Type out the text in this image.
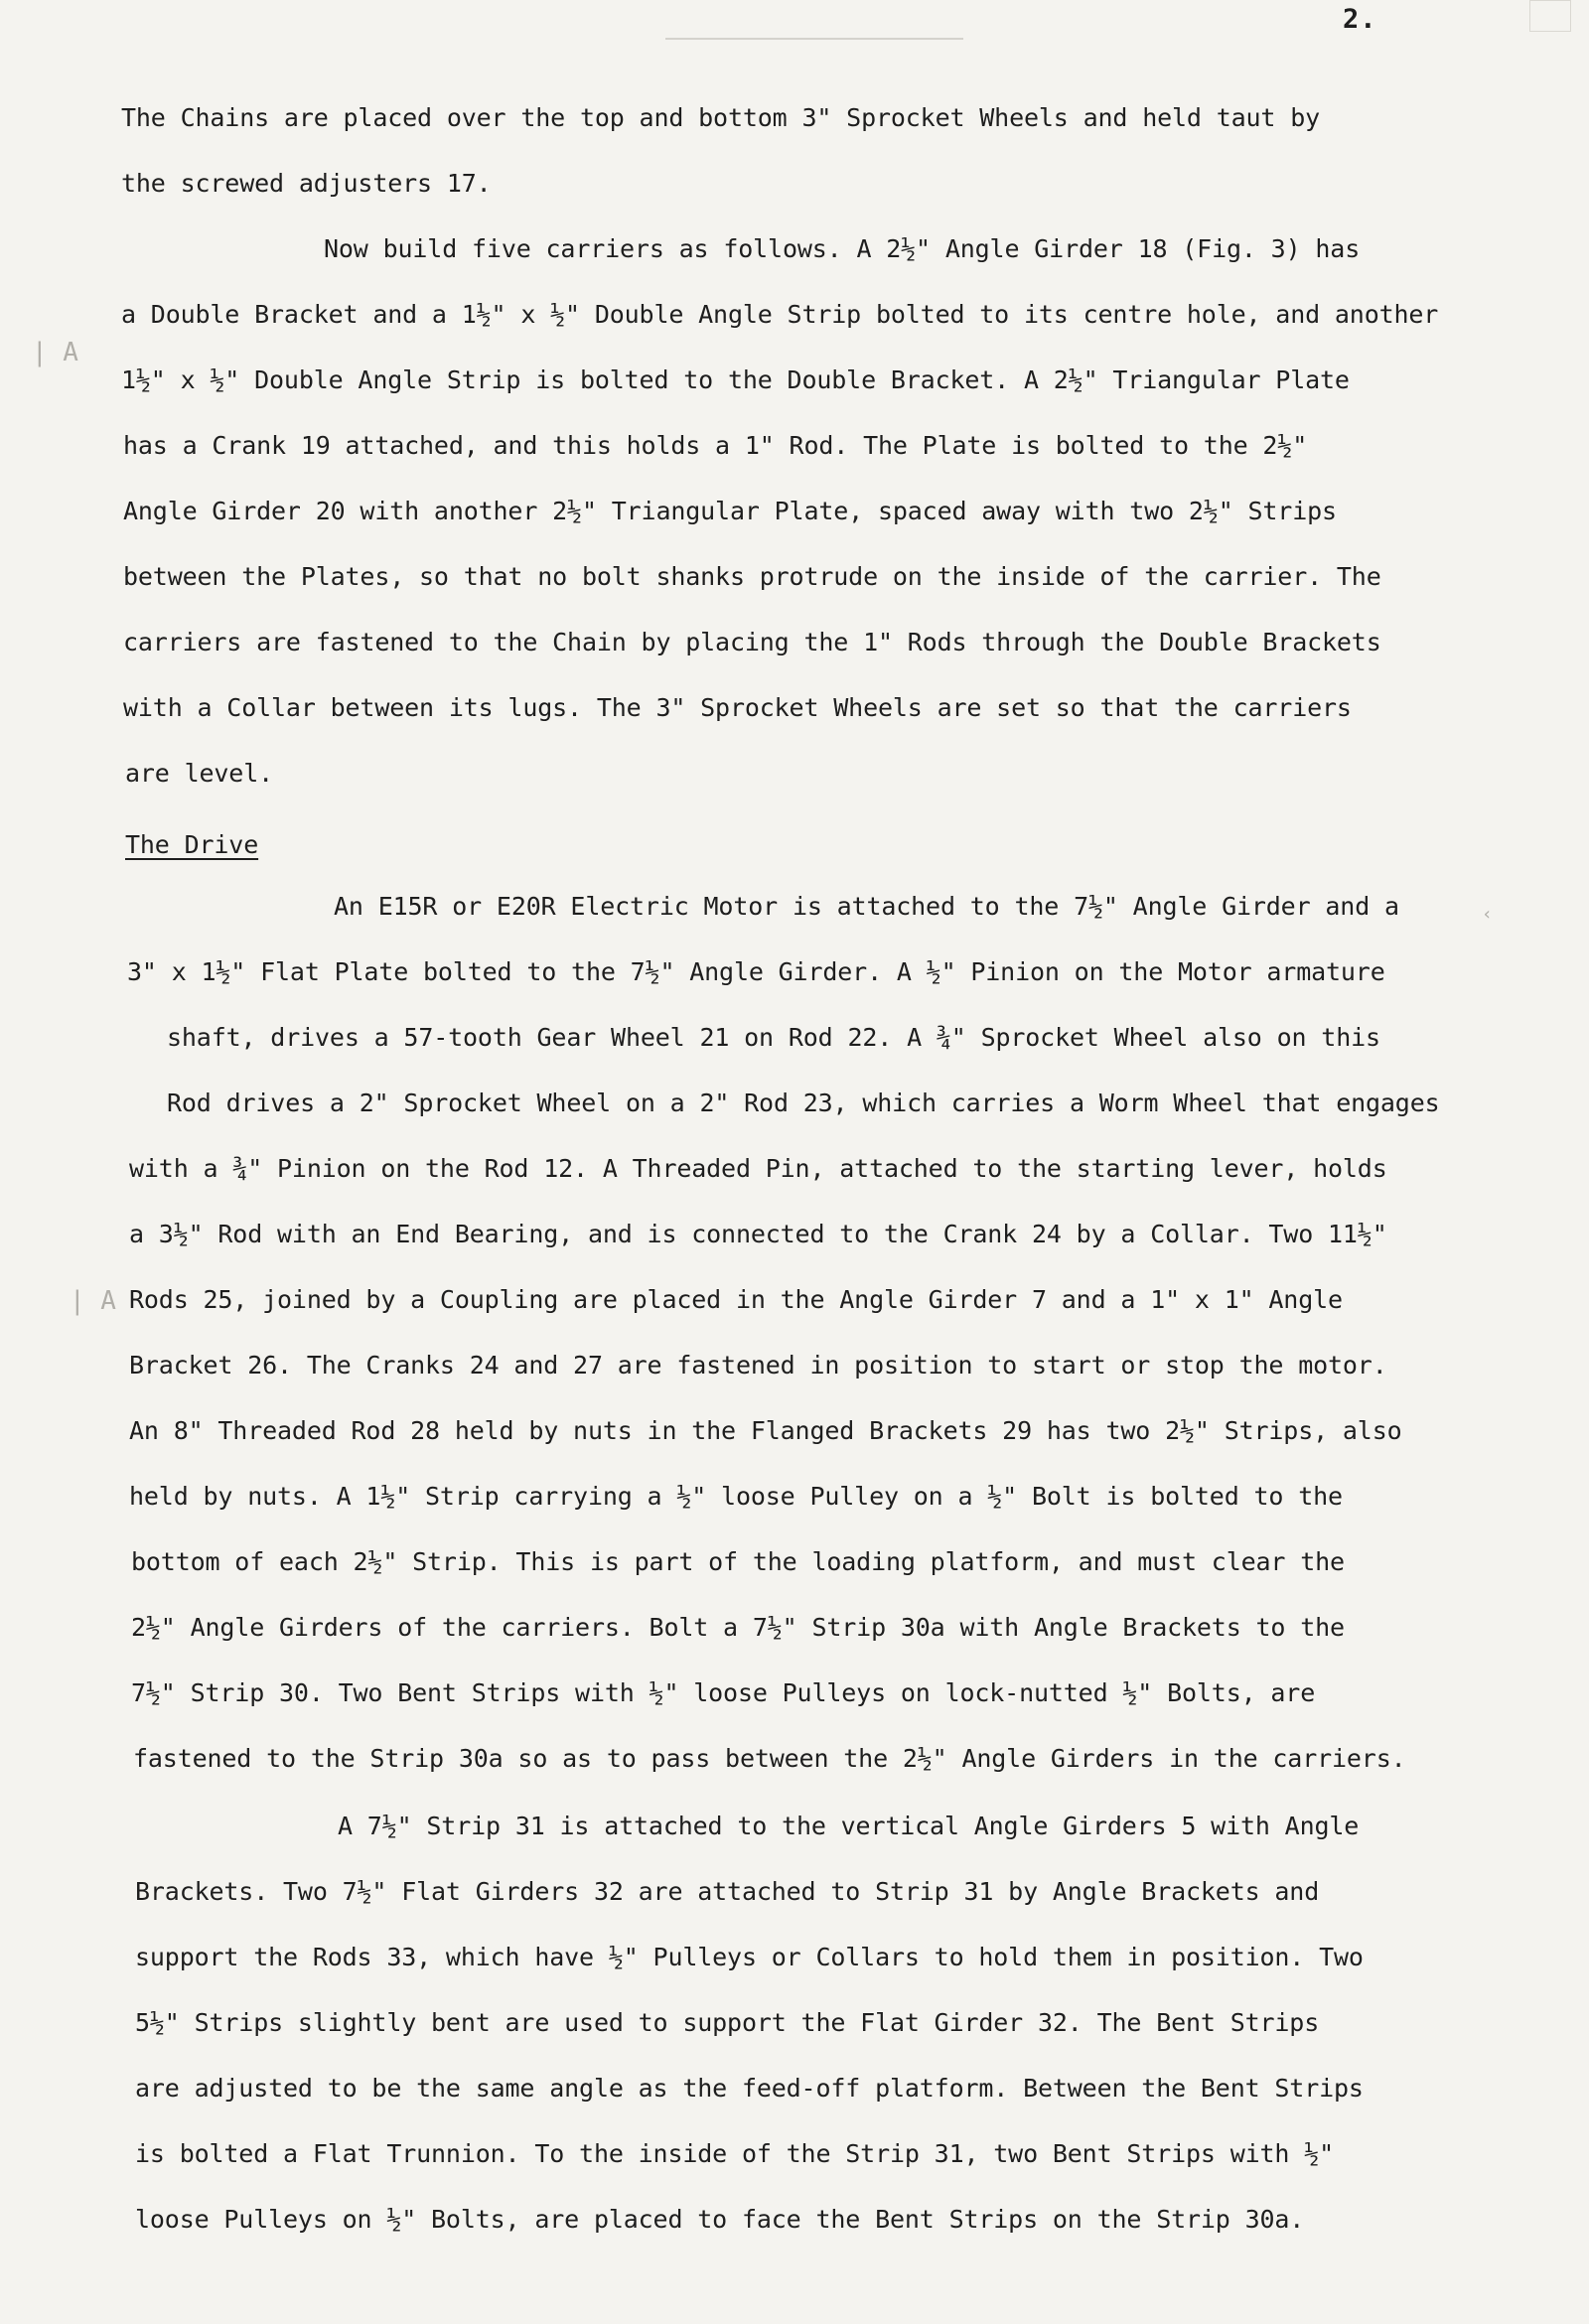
2.
| A
| A
‹
The Chains are placed over the top and bottom 3" Sprocket Wheels and held taut by
the screwed adjusters 17.
Now build five carriers as follows. A 2½" Angle Girder 18 (Fig. 3) has
a Double Bracket and a 1½" x ½" Double Angle Strip bolted to its centre hole, and another
1½" x ½" Double Angle Strip is bolted to the Double Bracket. A 2½" Triangular Plate
has a Crank 19 attached, and this holds a 1" Rod. The Plate is bolted to the 2½"
Angle Girder 20 with another 2½" Triangular Plate, spaced away with two 2½" Strips
between the Plates, so that no bolt shanks protrude on the inside of the carrier. The
carriers are fastened to the Chain by placing the 1" Rods through the Double Brackets
with a Collar between its lugs. The 3" Sprocket Wheels are set so that the carriers
are level.
The Drive
An E15R or E20R Electric Motor is attached to the 7½" Angle Girder and a
3" x 1½" Flat Plate bolted to the 7½" Angle Girder. A ½" Pinion on the Motor armature
shaft, drives a 57-tooth Gear Wheel 21 on Rod 22. A ¾" Sprocket Wheel also on this
Rod drives a 2" Sprocket Wheel on a 2" Rod 23, which carries a Worm Wheel that engages
with a ¾" Pinion on the Rod 12. A Threaded Pin, attached to the starting lever, holds
a 3½" Rod with an End Bearing, and is connected to the Crank 24 by a Collar. Two 11½"
Rods 25, joined by a Coupling are placed in the Angle Girder 7 and a 1" x 1" Angle
Bracket 26. The Cranks 24 and 27 are fastened in position to start or stop the motor.
An 8" Threaded Rod 28 held by nuts in the Flanged Brackets 29 has two 2½" Strips, also
held by nuts. A 1½" Strip carrying a ½" loose Pulley on a ½" Bolt is bolted to the
bottom of each 2½" Strip. This is part of the loading platform, and must clear the
2½" Angle Girders of the carriers. Bolt a 7½" Strip 30a with Angle Brackets to the
7½" Strip 30. Two Bent Strips with ½" loose Pulleys on lock-nutted ½" Bolts, are
fastened to the Strip 30a so as to pass between the 2½" Angle Girders in the carriers.
A 7½" Strip 31 is attached to the vertical Angle Girders 5 with Angle
Brackets. Two 7½" Flat Girders 32 are attached to Strip 31 by Angle Brackets and
support the Rods 33, which have ½" Pulleys or Collars to hold them in position. Two
5½" Strips slightly bent are used to support the Flat Girder 32. The Bent Strips
are adjusted to be the same angle as the feed-off platform. Between the Bent Strips
is bolted a Flat Trunnion. To the inside of the Strip 31, two Bent Strips with ½"
loose Pulleys on ½" Bolts, are placed to face the Bent Strips on the Strip 30a.
